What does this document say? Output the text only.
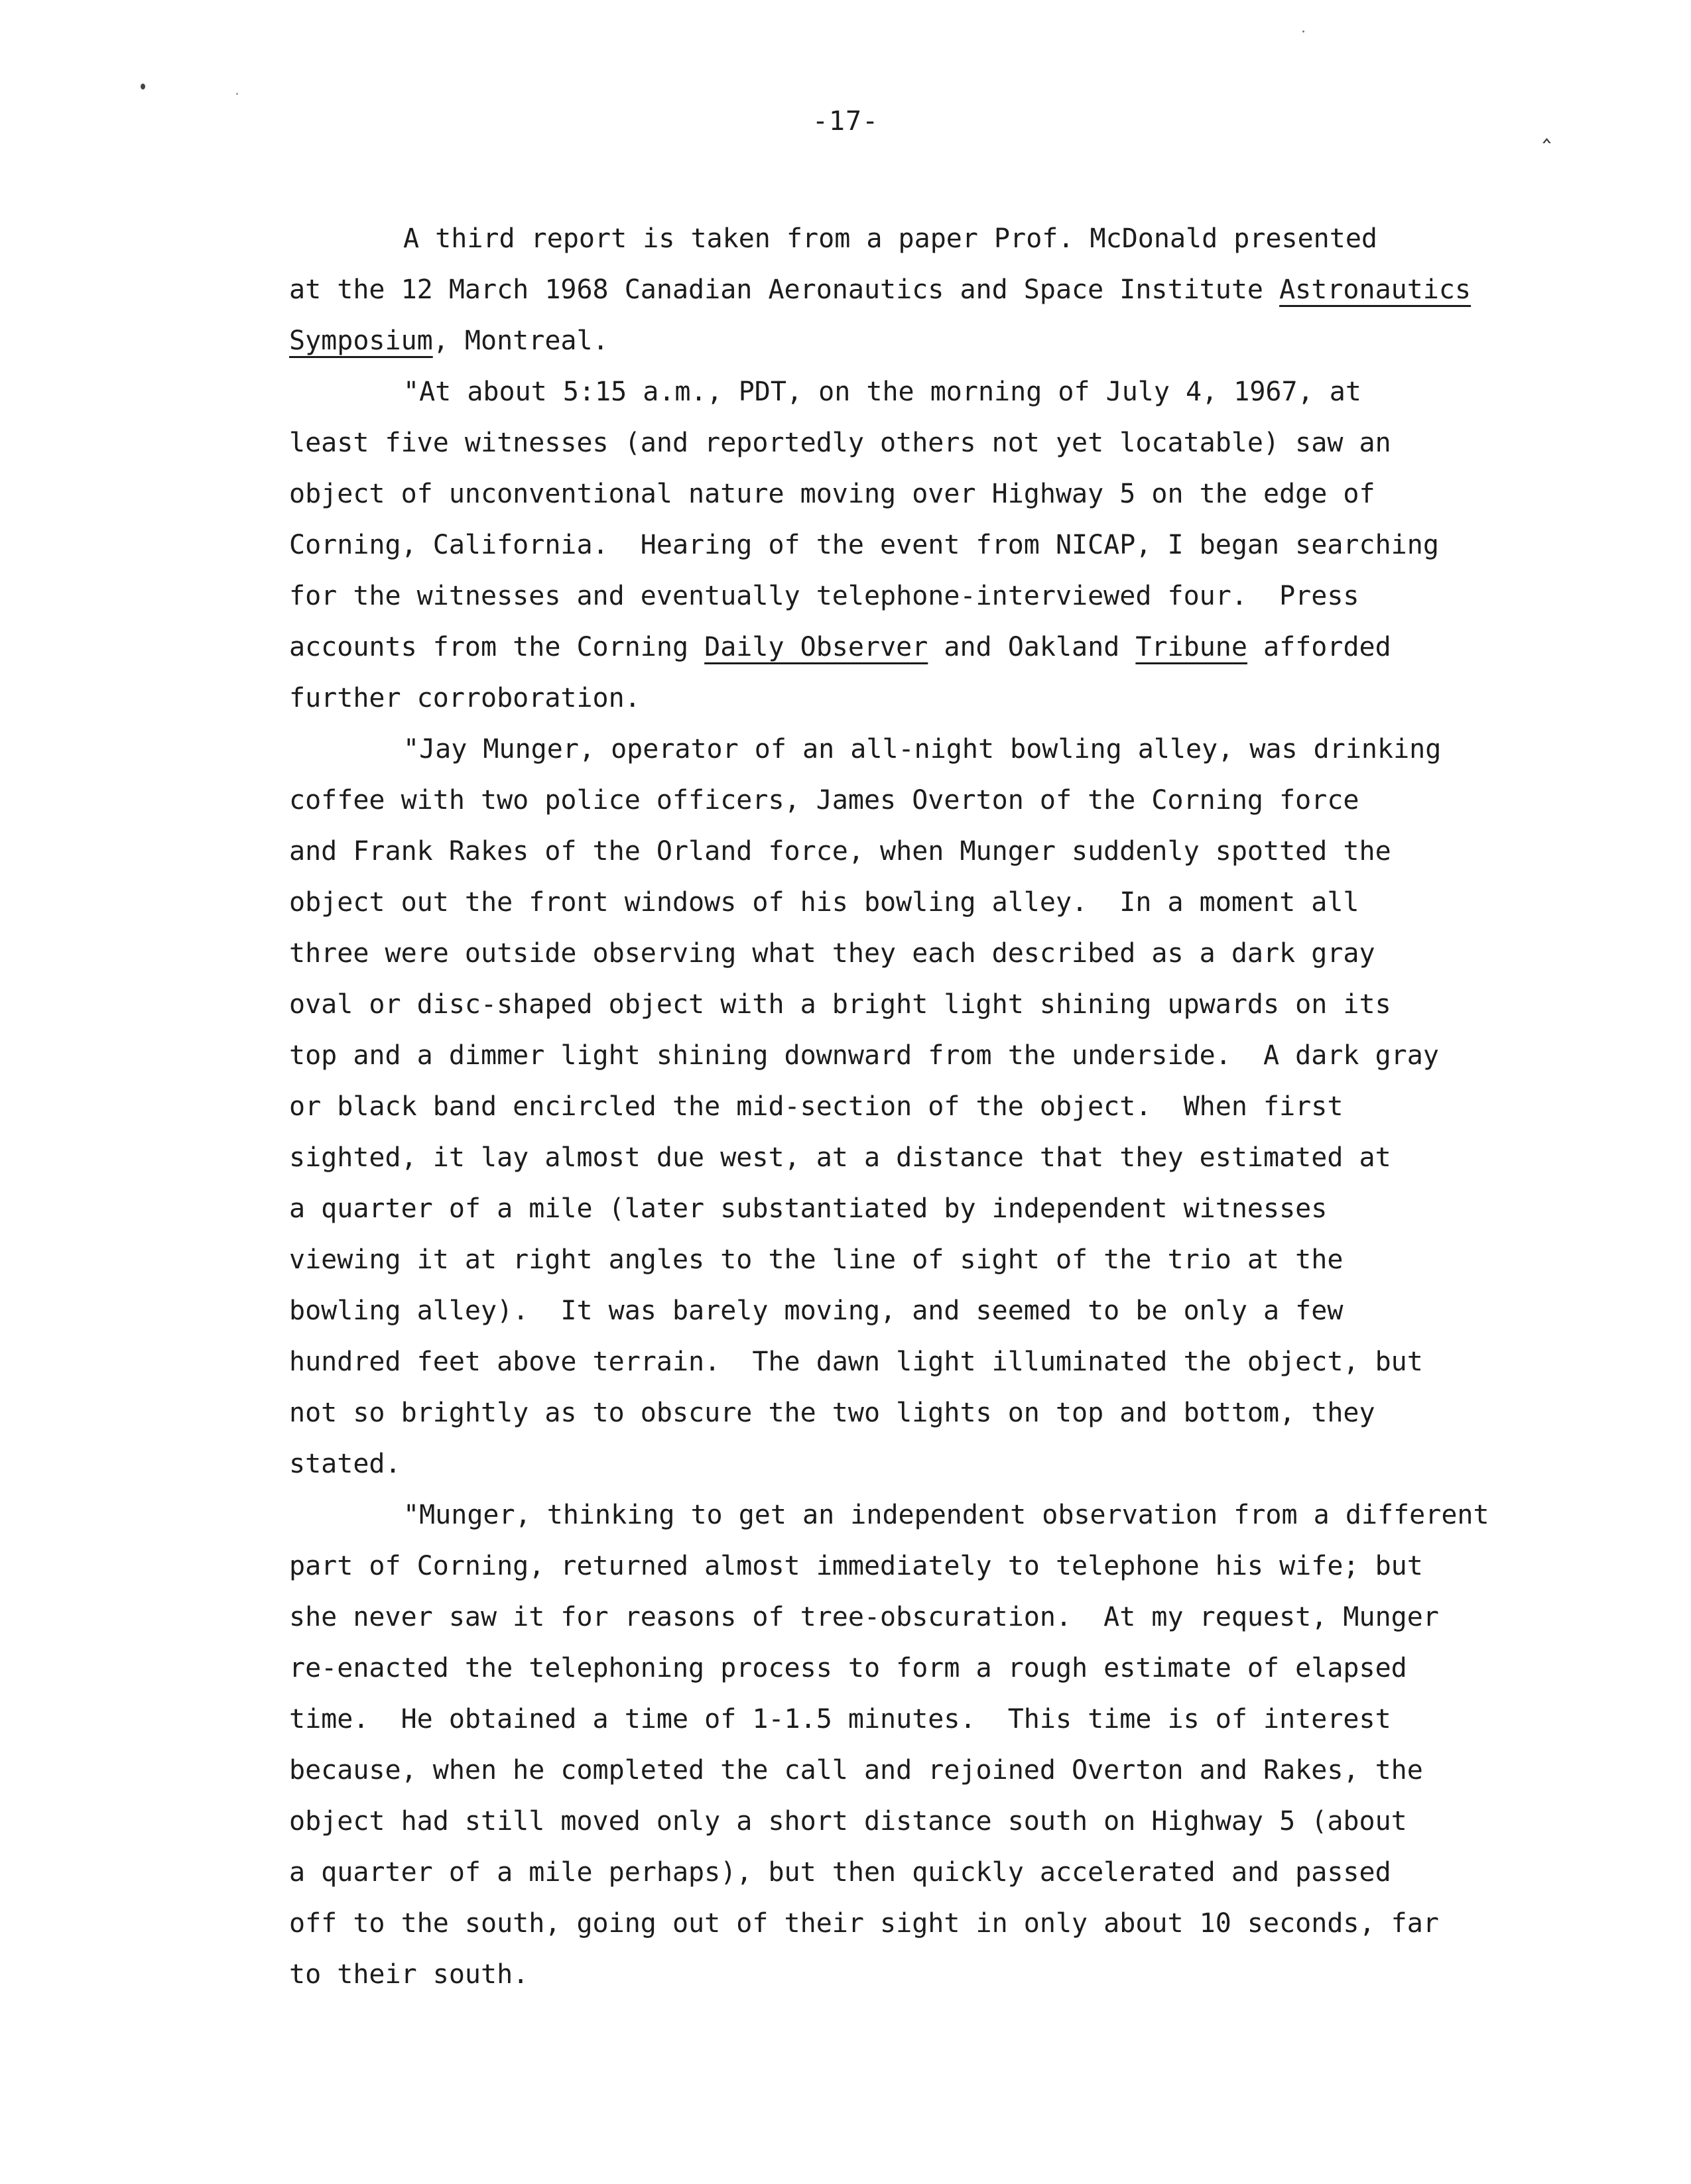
‸
-17-
A third report is taken from a paper Prof. McDonald presented
at the 12 March 1968 Canadian Aeronautics and Space Institute Astronautics
Symposium, Montreal.
"At about 5:15 a.m., PDT, on the morning of July 4, 1967, at
least five witnesses (and reportedly others not yet locatable) saw an
object of unconventional nature moving over Highway 5 on the edge of
Corning, California.  Hearing of the event from NICAP, I began searching
for the witnesses and eventually telephone-interviewed four.  Press
accounts from the Corning Daily Observer and Oakland Tribune afforded
further corroboration.
"Jay Munger, operator of an all-night bowling alley, was drinking
coffee with two police officers, James Overton of the Corning force
and Frank Rakes of the Orland force, when Munger suddenly spotted the
object out the front windows of his bowling alley.  In a moment all
three were outside observing what they each described as a dark gray
oval or disc-shaped object with a bright light shining upwards on its
top and a dimmer light shining downward from the underside.  A dark gray
or black band encircled the mid-section of the object.  When first
sighted, it lay almost due west, at a distance that they estimated at
a quarter of a mile (later substantiated by independent witnesses
viewing it at right angles to the line of sight of the trio at the
bowling alley).  It was barely moving, and seemed to be only a few
hundred feet above terrain.  The dawn light illuminated the object, but
not so brightly as to obscure the two lights on top and bottom, they
stated.
"Munger, thinking to get an independent observation from a different
part of Corning, returned almost immediately to telephone his wife; but
she never saw it for reasons of tree-obscuration.  At my request, Munger
re-enacted the telephoning process to form a rough estimate of elapsed
time.  He obtained a time of 1-1.5 minutes.  This time is of interest
because, when he completed the call and rejoined Overton and Rakes, the
object had still moved only a short distance south on Highway 5 (about
a quarter of a mile perhaps), but then quickly accelerated and passed
off to the south, going out of their sight in only about 10 seconds, far
to their south.
